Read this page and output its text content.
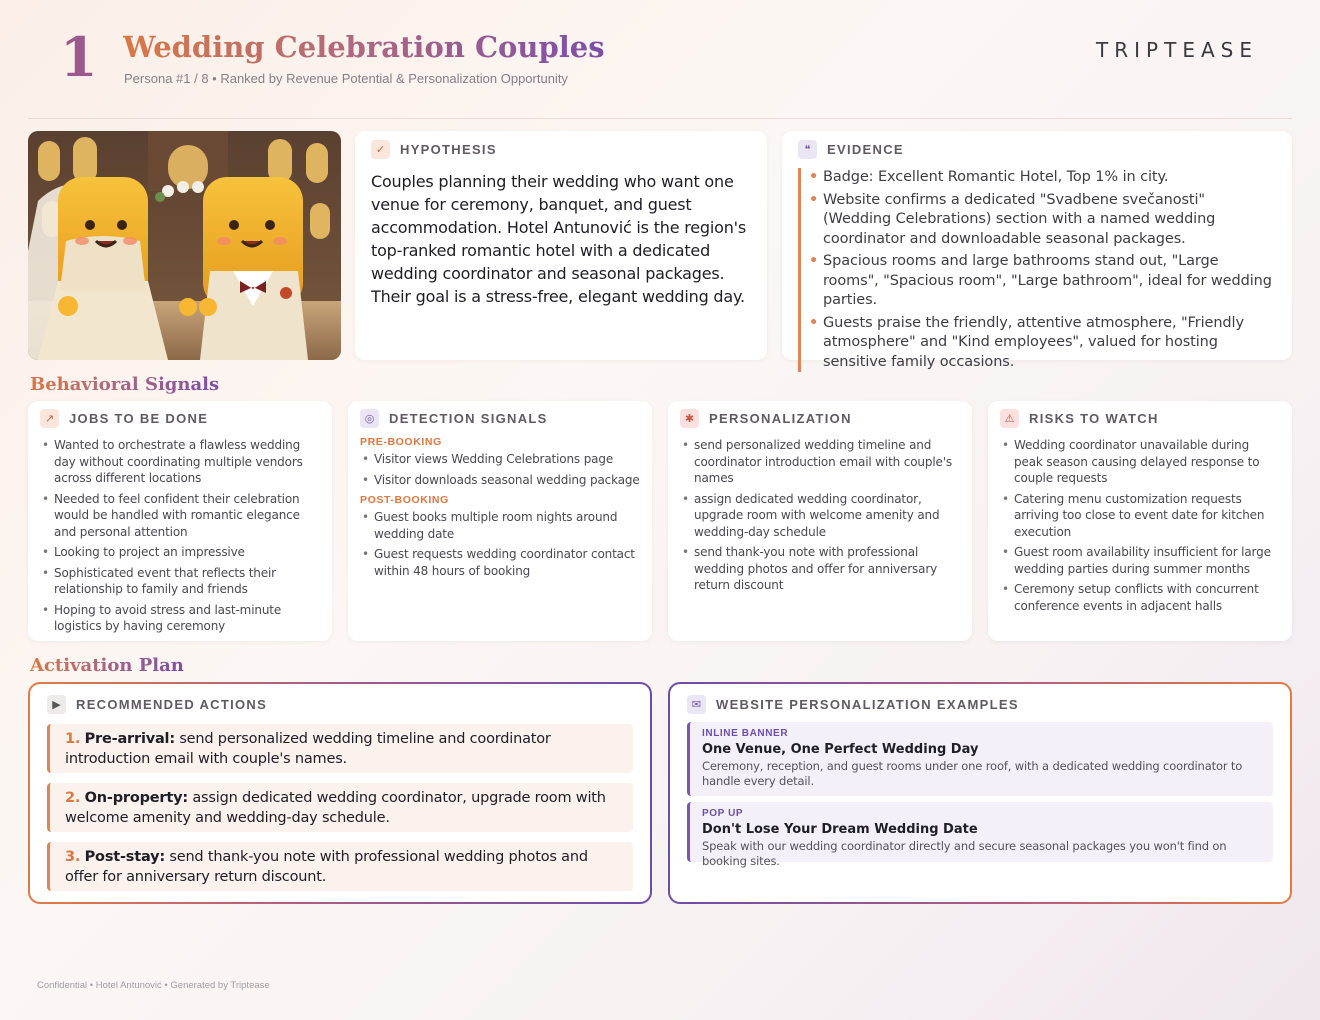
1 Wedding Celebration Couples
Persona #1 / 8 • Ranked by Revenue Potential & Personalization Opportunity
TRIPTEASE
✓	HYPOTHESIS
Couples planning their wedding who want one venue for ceremony, banquet, and guest accommodation. Hotel Antunović is the region's top-ranked romantic hotel with a dedicated wedding coordinator and seasonal packages. Their goal is a stress-free, elegant wedding day.
❝	EVIDENCE
• Badge: Excellent Romantic Hotel, Top 1% in city.
• Website confirms a dedicated "Svadbene svečanosti" (Wedding Celebrations) section with a named wedding coordinator and downloadable seasonal packages.
• Spacious rooms and large bathrooms stand out, "Large rooms", "Spacious room", "Large bathroom", ideal for wedding parties.
• Guests praise the friendly, attentive atmosphere, "Friendly atmosphere" and "Kind employees", valued for hosting sensitive family occasions.
Behavioral Signals
↗	JOBS TO BE DONE
• Wanted to orchestrate a flawless wedding day without coordinating multiple vendors across different locations
• Needed to feel confident their celebration would be handled with romantic elegance and personal attention
• Looking to project an impressive
• Sophisticated event that reflects their relationship to family and friends
• Hoping to avoid stress and last-minute logistics by having ceremony
◎	DETECTION SIGNALS
PRE-BOOKING
• Visitor views Wedding Celebrations page
• Visitor downloads seasonal wedding package
POST-BOOKING
• Guest books multiple room nights around wedding date
• Guest requests wedding coordinator contact within 48 hours of booking
✱	PERSONALIZATION
• send personalized wedding timeline and coordinator introduction email with couple's names
• assign dedicated wedding coordinator, upgrade room with welcome amenity and wedding-day schedule
• send thank-you note with professional wedding photos and offer for anniversary return discount
⚠	RISKS TO WATCH
• Wedding coordinator unavailable during peak season causing delayed response to couple requests
• Catering menu customization requests arriving too close to event date for kitchen execution
• Guest room availability insufficient for large wedding parties during summer months
• Ceremony setup conflicts with concurrent conference events in adjacent halls
Activation Plan
▶	RECOMMENDED ACTIONS
1. Pre-arrival: send personalized wedding timeline and coordinator introduction email with couple's names.
2. On-property: assign dedicated wedding coordinator, upgrade room with welcome amenity and wedding-day schedule.
3. Post-stay: send thank-you note with professional wedding photos and offer for anniversary return discount.
✉	WEBSITE PERSONALIZATION EXAMPLES
INLINE BANNER
One Venue, One Perfect Wedding Day
Ceremony, reception, and guest rooms under one roof, with a dedicated wedding coordinator to handle every detail.
POP UP
Don't Lose Your Dream Wedding Date
Speak with our wedding coordinator directly and secure seasonal packages you won't find on booking sites.
Confidential • Hotel Antunović • Generated by Triptease
